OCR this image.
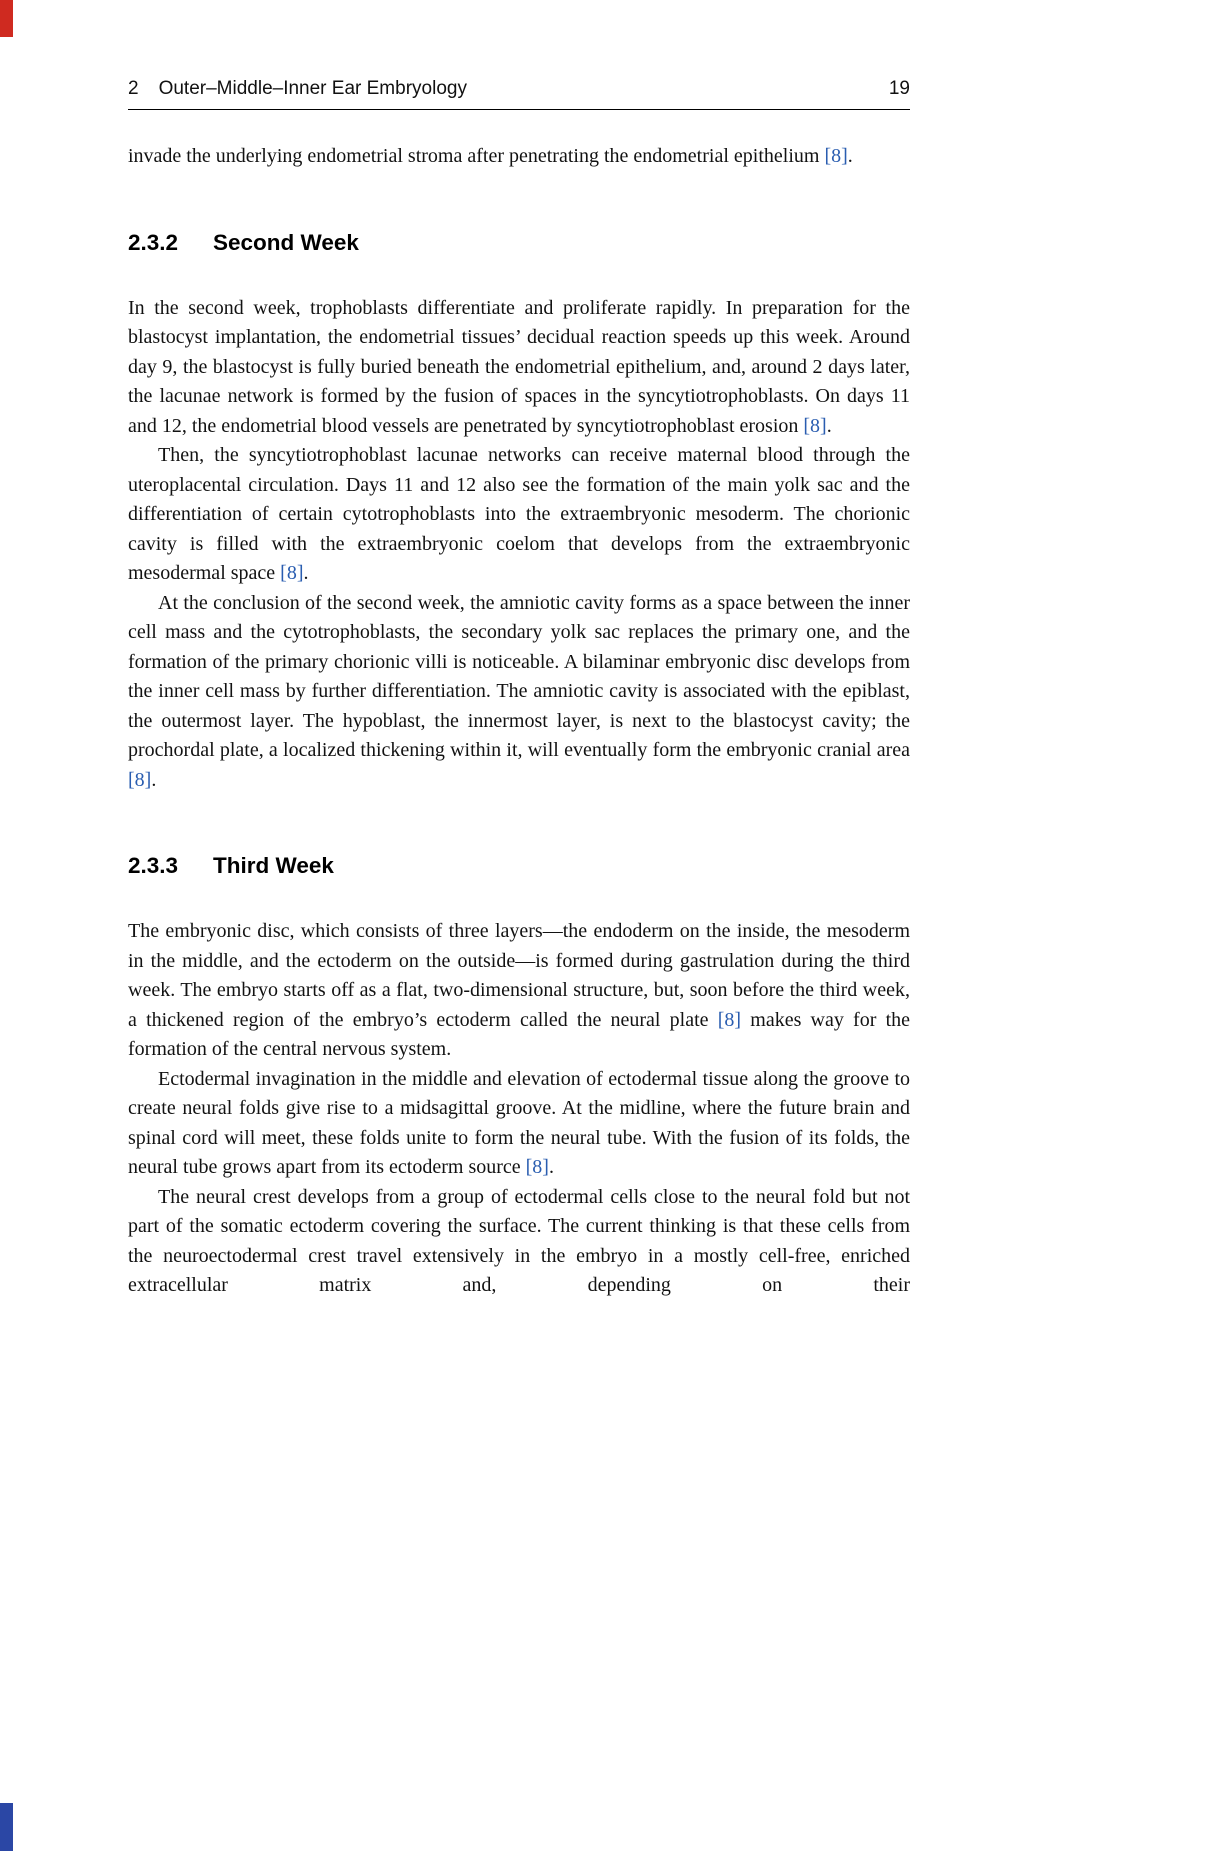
2 Outer–Middle–Inner Ear Embryology	19

invade the underlying endometrial stroma after penetrating the endometrial epithelium [8].

2.3.2 Second Week

In the second week, trophoblasts differentiate and proliferate rapidly. In preparation for the blastocyst implantation, the endometrial tissues’ decidual reaction speeds up this week. Around day 9, the blastocyst is fully buried beneath the endometrial epithelium, and, around 2 days later, the lacunae network is formed by the fusion of spaces in the syncytiotrophoblasts. On days 11 and 12, the endometrial blood vessels are penetrated by syncytiotrophoblast erosion [8].

Then, the syncytiotrophoblast lacunae networks can receive maternal blood through the uteroplacental circulation. Days 11 and 12 also see the formation of the main yolk sac and the differentiation of certain cytotrophoblasts into the extraembryonic mesoderm. The chorionic cavity is filled with the extraembryonic coelom that develops from the extraembryonic mesodermal space [8].

At the conclusion of the second week, the amniotic cavity forms as a space between the inner cell mass and the cytotrophoblasts, the secondary yolk sac replaces the primary one, and the formation of the primary chorionic villi is noticeable. A bilaminar embryonic disc develops from the inner cell mass by further differentiation. The amniotic cavity is associated with the epiblast, the outermost layer. The hypoblast, the innermost layer, is next to the blastocyst cavity; the prochordal plate, a localized thickening within it, will eventually form the embryonic cranial area [8].

2.3.3 Third Week

The embryonic disc, which consists of three layers—the endoderm on the inside, the mesoderm in the middle, and the ectoderm on the outside—is formed during gastrulation during the third week. The embryo starts off as a flat, two-dimensional structure, but, soon before the third week, a thickened region of the embryo’s ectoderm called the neural plate [8] makes way for the formation of the central nervous system.

Ectodermal invagination in the middle and elevation of ectodermal tissue along the groove to create neural folds give rise to a midsagittal groove. At the midline, where the future brain and spinal cord will meet, these folds unite to form the neural tube. With the fusion of its folds, the neural tube grows apart from its ectoderm source [8].

The neural crest develops from a group of ectodermal cells close to the neural fold but not part of the somatic ectoderm covering the surface. The current thinking is that these cells from the neuroectodermal crest travel extensively in the embryo in a mostly cell-free, enriched extracellular matrix and, depending on their
